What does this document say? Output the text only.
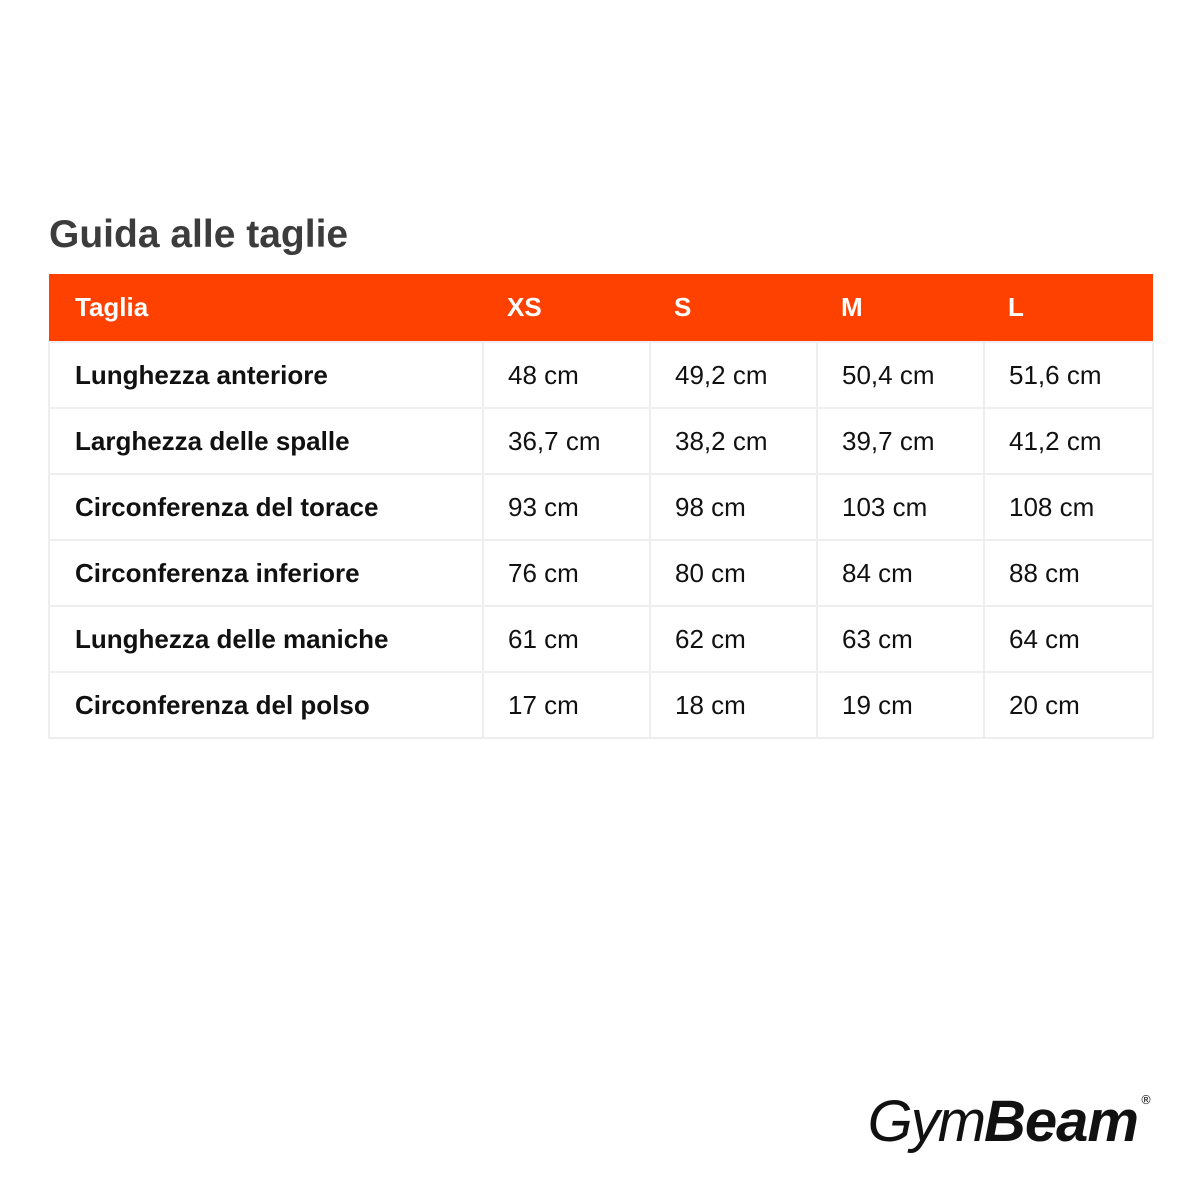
Guida alle taglie
Taglia	XS	S	M	L
Lunghezza anteriore	48 cm	49,2 cm	50,4 cm	51,6 cm
Larghezza delle spalle	36,7 cm	38,2 cm	39,7 cm	41,2 cm
Circonferenza del torace	93 cm	98 cm	103 cm	108 cm
Circonferenza inferiore	76 cm	80 cm	84 cm	88 cm
Lunghezza delle maniche	61 cm	62 cm	63 cm	64 cm
Circonferenza del polso	17 cm	18 cm	19 cm	20 cm
Gym Beam ®
